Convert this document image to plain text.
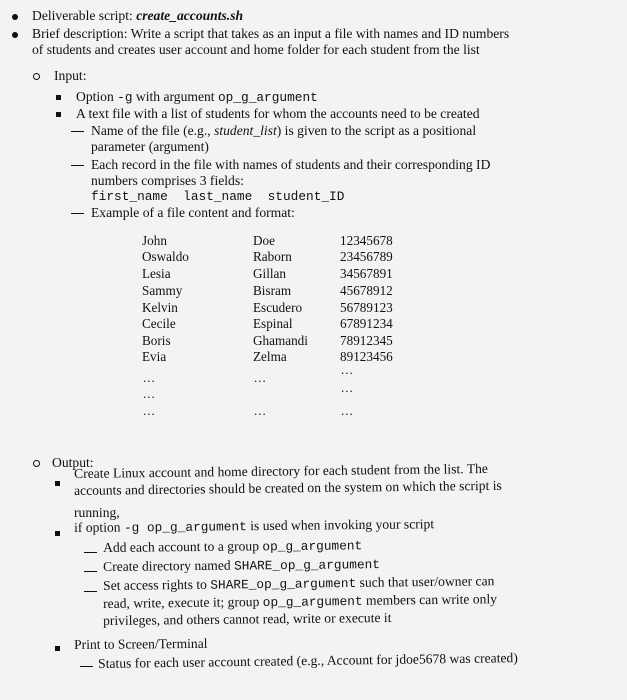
Deliverable script: create_accounts.sh
Brief description: Write a script that takes as an input a file with names and ID numbers
of students and creates user account and home folder for each student from the list
Input:
Option -g with argument op_g_argument
A text file with a list of students for whom the accounts need to be created
Name of the file (e.g., student_list) is given to the script as a positional
parameter (argument)
Each record in the file with names of students and their corresponding ID
numbers comprises 3 fields:
first_name  last_name  student_ID
Example of a file content and format:
John
Oswaldo
Lesia
Sammy
Kelvin
Cecile
Boris
Evia
Doe
Raborn
Gillan
Bisram
Escudero
Espinal
Ghamandi
Zelma
12345678
23456789
34567891
45678912
56789123
67891234
78912345
89123456
...
...
...
...
...
...
...
...
Output:
Create Linux account and home directory for each student from the list. The
accounts and directories should be created on the system on which the script is
running,
if option -g op_g_argument is used when invoking your script
Add each account to a group op_g_argument
Create directory named SHARE_op_g_argument
Set access rights to SHARE_op_g_argument such that user/owner can
read, write, execute it; group op_g_argument members can write only
privileges, and others cannot read, write or execute it
Print to Screen/Terminal
Status for each user account created (e.g., Account for jdoe5678 was created)
